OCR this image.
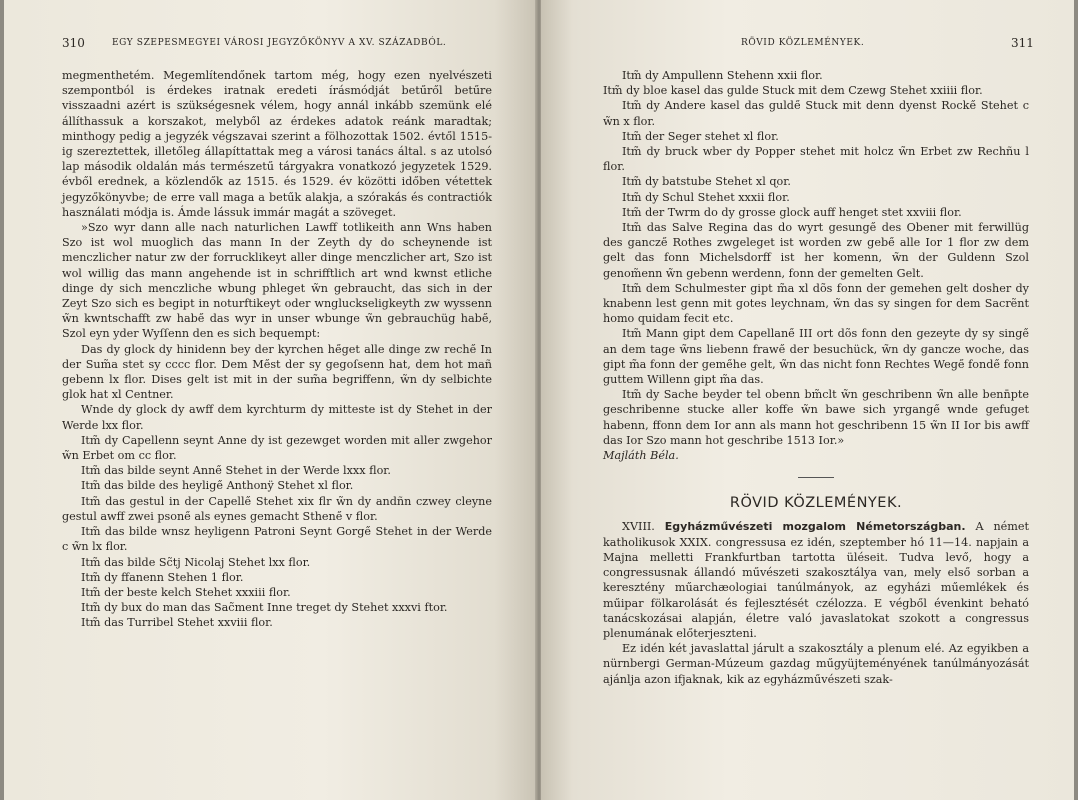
310	EGY SZEPESMEGYEI VÁROSI JEGYZŐKÖNYV A XV. SZÁZADBÓL.

megmenthetém. Megemlítendőnek tartom még, hogy ezen nyelvészeti szempontból is érdekes iratnak eredeti írásmódját betűről betűre visszaadni azért is szükségesnek vélem, hogy annál inkább szemünk elé állíthassuk a korszakot, melyből az érdekes adatok reánk maradtak; minthogy pedig a jegyzék végszavai szerint a fölhozottak 1502. évtől 1515-ig szereztettek, illetőleg állapíttattak meg a városi tanács által. s az utolsó lap második oldalán más természetű tárgyakra vonatkozó jegyzetek 1529. évből erednek, a közlendők az 1515. és 1529. év közötti időben vétettek jegyzőkönyvbe; de erre vall maga a betűk alakja, a szórakás és contractiók használati módja is. Ámde lássuk immár magát a szöveget.

»Szo wyr dann alle nach naturlichen Lawff totlikeith ann Wns haben Szo ist wol muoglich das mann In der Zeyth dy do scheynende ist menczlicher natur zw der forrucklikeyt aller dinge menczlicher art, Szo ist wol willig das mann angehende ist in schrifftlich art wnd kwnst etliche dinge dy sich menczliche wbung phleget w̃n gebraucht, das sich in der Zeyt Szo sich es begipt in noturftikeyt oder wngluckseligkeyth zw wyssenn w̃n kwntschafft zw habe̋ das wyr in unser wbunge w̃n gebrauchüg habe̋, Szol eyn yder Wyſſenn den es sich bequempt:

Das dy glock dy hinidenn bey der kyrchen he̋get alle dinge zw reche̋ In der Sum̃a stet sy cccc flor. Dem Me̋st der sy gegoſsenn hat, dem hot mañ gebenn lx flor. Dises gelt ist mit in der sum̃a begriffenn, w̃n dy selbichte glok hat xl Centner.

Wnde dy glock dy awff dem kyrchturm dy mitteste ist dy Stehet in der Werde lxx flor.

Itm̃ dy Capellenn seynt Anne dy ist gezewget worden mit aller zwgehor w̃n Erbet om cc flor.

Itm̃ das bilde seynt Anne̋ Stehet in der Werde lxxx flor.

Itm̃ das bilde des heylige̋ Anthonÿ Stehet xl flor.

Itm̃ das gestul in der Capelle̋ Stehet xix flr w̃n dy andñn czwey cleyne gestul awff zwei psone̋ als eynes gemacht Sthene̋ v flor.

Itm̃ das bilde wnsz heyligenn Patroni Seynt Gorge̋ Stehet in der Werde c w̃n lx flor.

Itm̃ das bilde Sc̃tj Nicolaj Stehet lxx flor.

Itm̃ dy ffanenn Stehen 1 flor.

Itm̃ der beste kelch Stehet xxxiii flor.

Itm̃ dy bux do man das Sac̃ment Inne treget dy Stehet xxxvi ftor.

Itm̃ das Turribel Stehet xxviii flor.

RÖVID KÖZLEMÉNYEK.	311

Itm̃ dy Ampullenn Stehenn xxii flor.

Itm̃ dy bloe kasel das gulde Stuck mit dem Czewg Stehet xxiiii flor.

Itm̃ dy Andere kasel das gulde̋ Stuck mit denn dyenst Rocke̋ Stehet c w̃n x flor.

Itm̃ der Seger stehet xl flor.

Itm̃ dy bruck wber dy Popper stehet mit holcz w̃n Erbet zw Rechñu l flor.

Itm̃ dy batstube Stehet xl ɋor.

Itm̃ dy Schul Stehet xxxii flor.

Itm̃ der Twrm do dy grosse glock auff henget stet xxviii flor.

Itm̃ das Salve Regina das do wyrt gesunge̋ des Obener mit ferwillüg des gancze̋ Rothes zwgeleget ist worden zw gebe̋ alle Ior 1 flor zw dem gelt das fonn Michelsdorff ist her komenn, w̃n der Guldenn Szol genom̃enn w̃n gebenn werdenn, fonn der gemelten Gelt.

Itm̃ dem Schulmester gipt m̃a xl dõs fonn der gemehen gelt dosher dy knabenn lest genn mit gotes leychnam, w̃n das sy singen for dem Sacrẽnt homo quidam fecit etc.

Itm̃ Mann gipt dem Capellane̋ III ort dõs fonn den gezeyte dy sy singe̋ an dem tage w̃ns liebenn frawe̋ der besuchück, w̃n dy gancze woche, das gipt m̃a fonn der geme̋he gelt, w̃n das nicht fonn Rechtes Wege̋ fonde̋ fonn guttem Willenn gipt m̃a das.

Itm̃ dy Sache beyder tel obenn bm̃clt w̃n geschribenn w̃n alle benn̄pte geschribenne stucke aller koffe w̃n bawe sich yrgange̋ wnde gefuget habenn, ffonn dem Ior ann als mann hot geschribenn 15 w̃n II Ior bis awff das Ior Szo mann hot geschribe 1513 Ior.»

Majláth Béla.

RÖVID KÖZLEMÉNYEK.

XVIII. Egyházművészeti mozgalom Németországban. A német katholikusok XXIX. congressusa ez idén, szeptember hó 11—14. napjain a Majna melletti Frankfurtban tartotta üléseit. Tudva levő, hogy a congressusnak állandó művészeti szakosztálya van, mely első sorban a keresztény műarchæologiai tanúlmányok, az egyházi műemlékek és műipar fölkarolását és fejlesztését czélozza. E végből évenkint beható tanácskozásai alapján, életre való javaslatokat szokott a congressus plenumának előterjeszteni.

Ez idén két javaslattal járult a szakosztály a plenum elé. Az egyikben a nürnbergi German-Múzeum gazdag műgyüjteményének tanúlmányozását ajánlja azon ifjaknak, kik az egyházművészeti szak-
